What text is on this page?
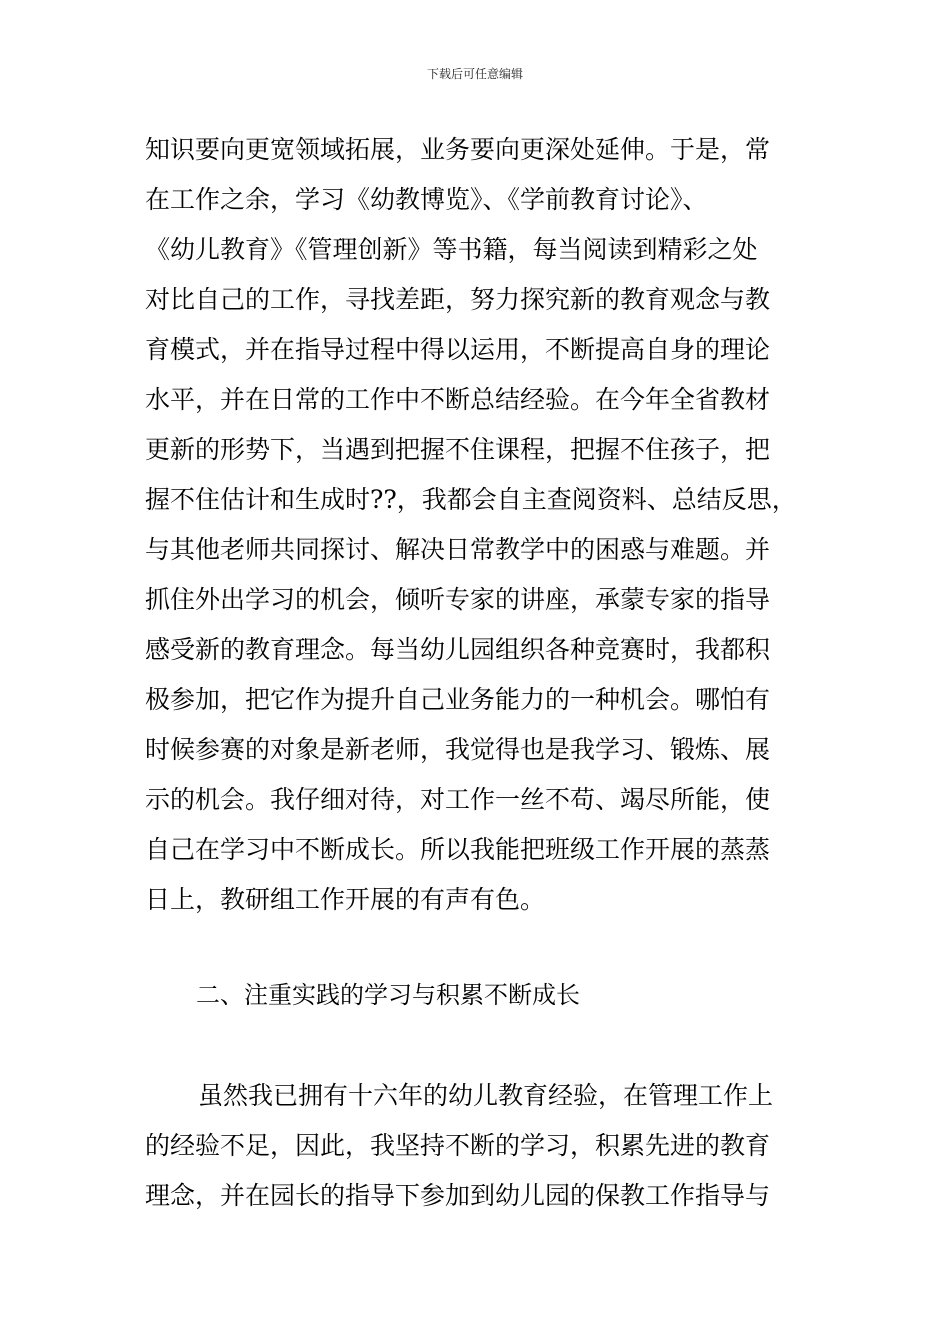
下载后可任意编辑
知识要向更宽领域拓展，业务要向更深处延伸。于是，常
在工作之余，学习《幼教博览》、《学前教育讨论》、
《幼儿教育》《管理创新》等书籍，每当阅读到精彩之处
对比自己的工作，寻找差距，努力探究新的教育观念与教
育模式，并在指导过程中得以运用，不断提高自身的理论
水平，并在日常的工作中不断总结经验。在今年全省教材
更新的形势下，当遇到把握不住课程，把握不住孩子，把
握不住估计和生成时??，我都会自主查阅资料、总结反思，
与其他老师共同探讨、解决日常教学中的困惑与难题。并
抓住外出学习的机会，倾听专家的讲座，承蒙专家的指导
感受新的教育理念。每当幼儿园组织各种竞赛时，我都积
极参加，把它作为提升自己业务能力的一种机会。哪怕有
时候参赛的对象是新老师，我觉得也是我学习、锻炼、展
示的机会。我仔细对待，对工作一丝不苟、竭尽所能，使
自己在学习中不断成长。所以我能把班级工作开展的蒸蒸
日上，教研组工作开展的有声有色。
二、注重实践的学习与积累不断成长
虽然我已拥有十六年的幼儿教育经验，在管理工作上
的经验不足，因此，我坚持不断的学习，积累先进的教育
理念，并在园长的指导下参加到幼儿园的保教工作指导与
